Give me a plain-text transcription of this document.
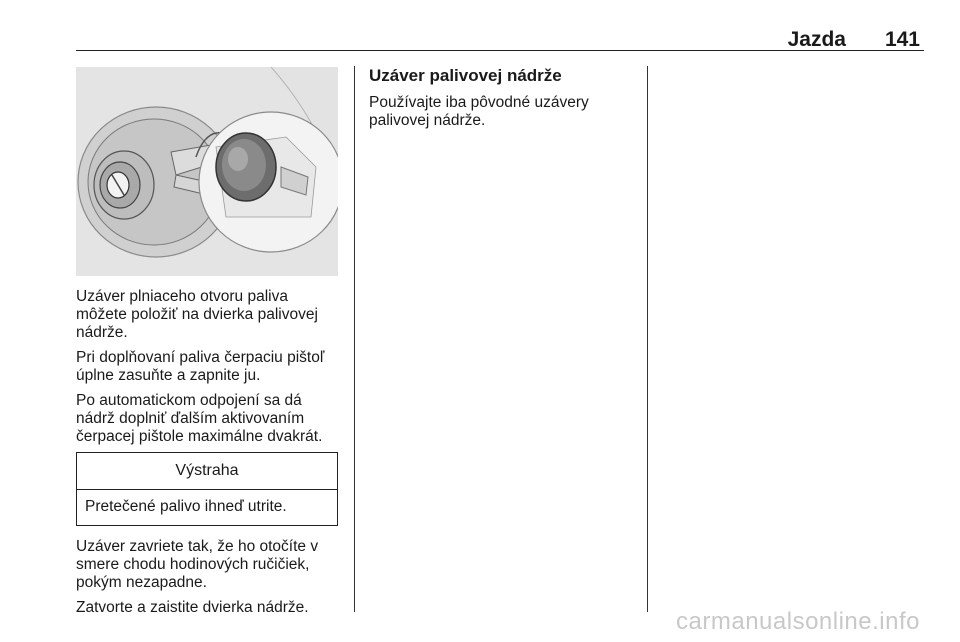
Jazda 141

Uzáver plniaceho otvoru paliva môžete položiť na dvierka palivovej nádrže.

Pri doplňovaní paliva čerpaciu pištoľ úplne zasuňte a zapnite ju.

Po automatickom odpojení sa dá nádrž doplniť ďalším aktivovaním čerpacej pištole maximálne dvakrát.

Výstraha
Pretečené palivo ihneď utrite.

Uzáver zavriete tak, že ho otočíte v smere chodu hodinových ručičiek, pokým nezapadne.

Zatvorte a zaistite dvierka nádrže.

Uzáver palivovej nádrže

Používajte iba pôvodné uzávery palivovej nádrže.

carmanualsonline.info
